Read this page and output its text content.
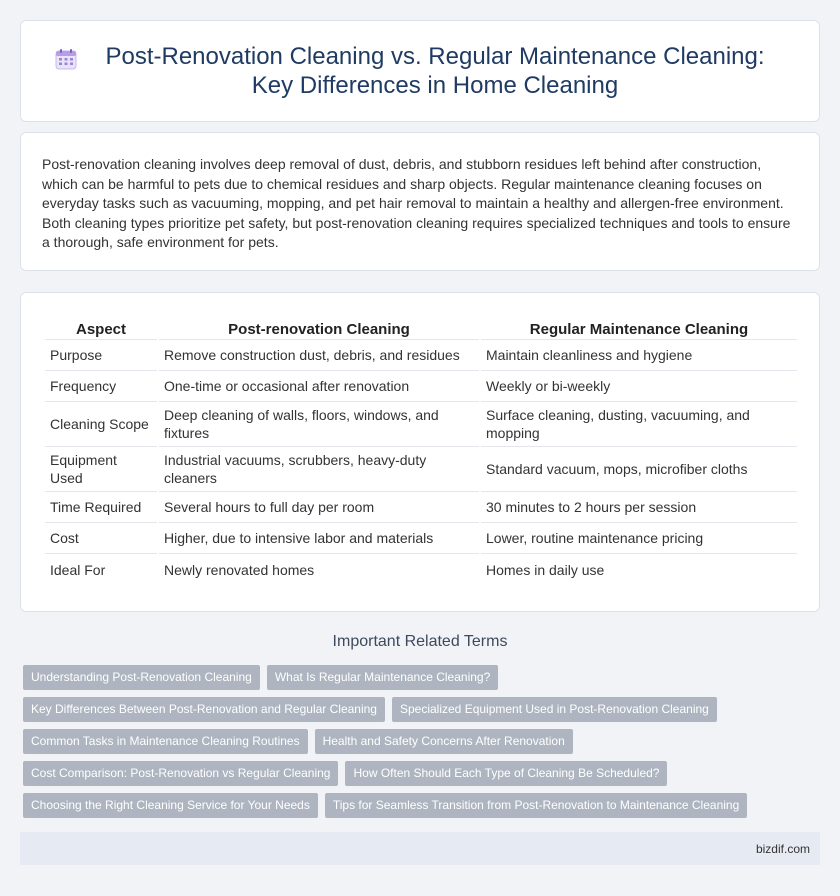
Post-Renovation Cleaning vs. Regular Maintenance Cleaning: Key Differences in Home Cleaning

Post-renovation cleaning involves deep removal of dust, debris, and stubborn residues left behind after construction, which can be harmful to pets due to chemical residues and sharp objects. Regular maintenance cleaning focuses on everyday tasks such as vacuuming, mopping, and pet hair removal to maintain a healthy and allergen-free environment. Both cleaning types prioritize pet safety, but post-renovation cleaning requires specialized techniques and tools to ensure a thorough, safe environment for pets.

Aspect	Post-renovation Cleaning	Regular Maintenance Cleaning
Purpose	Remove construction dust, debris, and residues	Maintain cleanliness and hygiene
Frequency	One-time or occasional after renovation	Weekly or bi-weekly
Cleaning Scope	Deep cleaning of walls, floors, windows, and fixtures	Surface cleaning, dusting, vacuuming, and mopping
Equipment Used	Industrial vacuums, scrubbers, heavy-duty cleaners	Standard vacuum, mops, microfiber cloths
Time Required	Several hours to full day per room	30 minutes to 2 hours per session
Cost	Higher, due to intensive labor and materials	Lower, routine maintenance pricing
Ideal For	Newly renovated homes	Homes in daily use
Important Related Terms
Understanding Post-Renovation Cleaning	What Is Regular Maintenance Cleaning?
Key Differences Between Post-Renovation and Regular Cleaning	Specialized Equipment Used in Post-Renovation Cleaning
Common Tasks in Maintenance Cleaning Routines	Health and Safety Concerns After Renovation
Cost Comparison: Post-Renovation vs Regular Cleaning	How Often Should Each Type of Cleaning Be Scheduled?
Choosing the Right Cleaning Service for Your Needs	Tips for Seamless Transition from Post-Renovation to Maintenance Cleaning
bizdif.com
